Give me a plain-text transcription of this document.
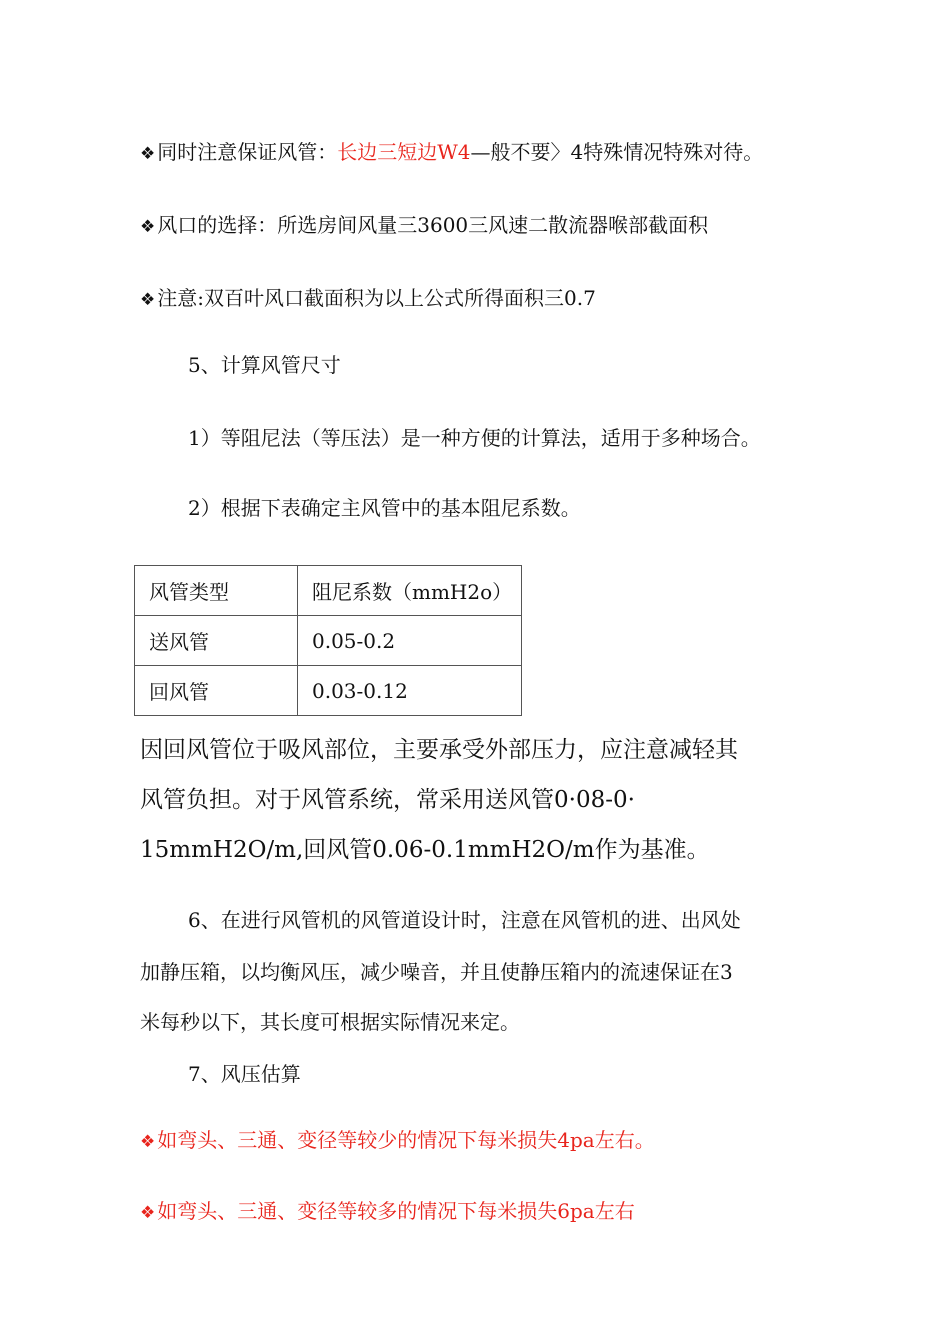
❖ 同时注意保证风管：长边三短边W4—般不要〉4特殊情况特殊对待。
❖ 风口的选择：所选房间风量三3600三风速二散流器喉部截面积
❖ 注意:双百叶风口截面积为以上公式所得面积三0.7
5、计算风管尺寸
1）等阻尼法（等压法）是一种方便的计算法，适用于多种场合。
2）根据下表确定主风管中的基本阻尼系数。
风管类型	阻尼系数（mmH2o）
送风管	0.05-0.2
回风管	0.03-0.12
因回风管位于吸风部位，主要承受外部压力，应注意减轻其
风管负担。对于风管系统，常采用送风管0·08-0·
15mmH2O/m,回风管0.06-0.1mmH2O/m作为基准。
6、在进行风管机的风管道设计时，注意在风管机的进、出风处
加静压箱，以均衡风压，减少噪音，并且使静压箱内的流速保证在3
米每秒以下，其长度可根据实际情况来定。
7、风压估算
❖ 如弯头、三通、变径等较少的情况下每米损失4pa左右。
❖ 如弯头、三通、变径等较多的情况下每米损失6pa左右
